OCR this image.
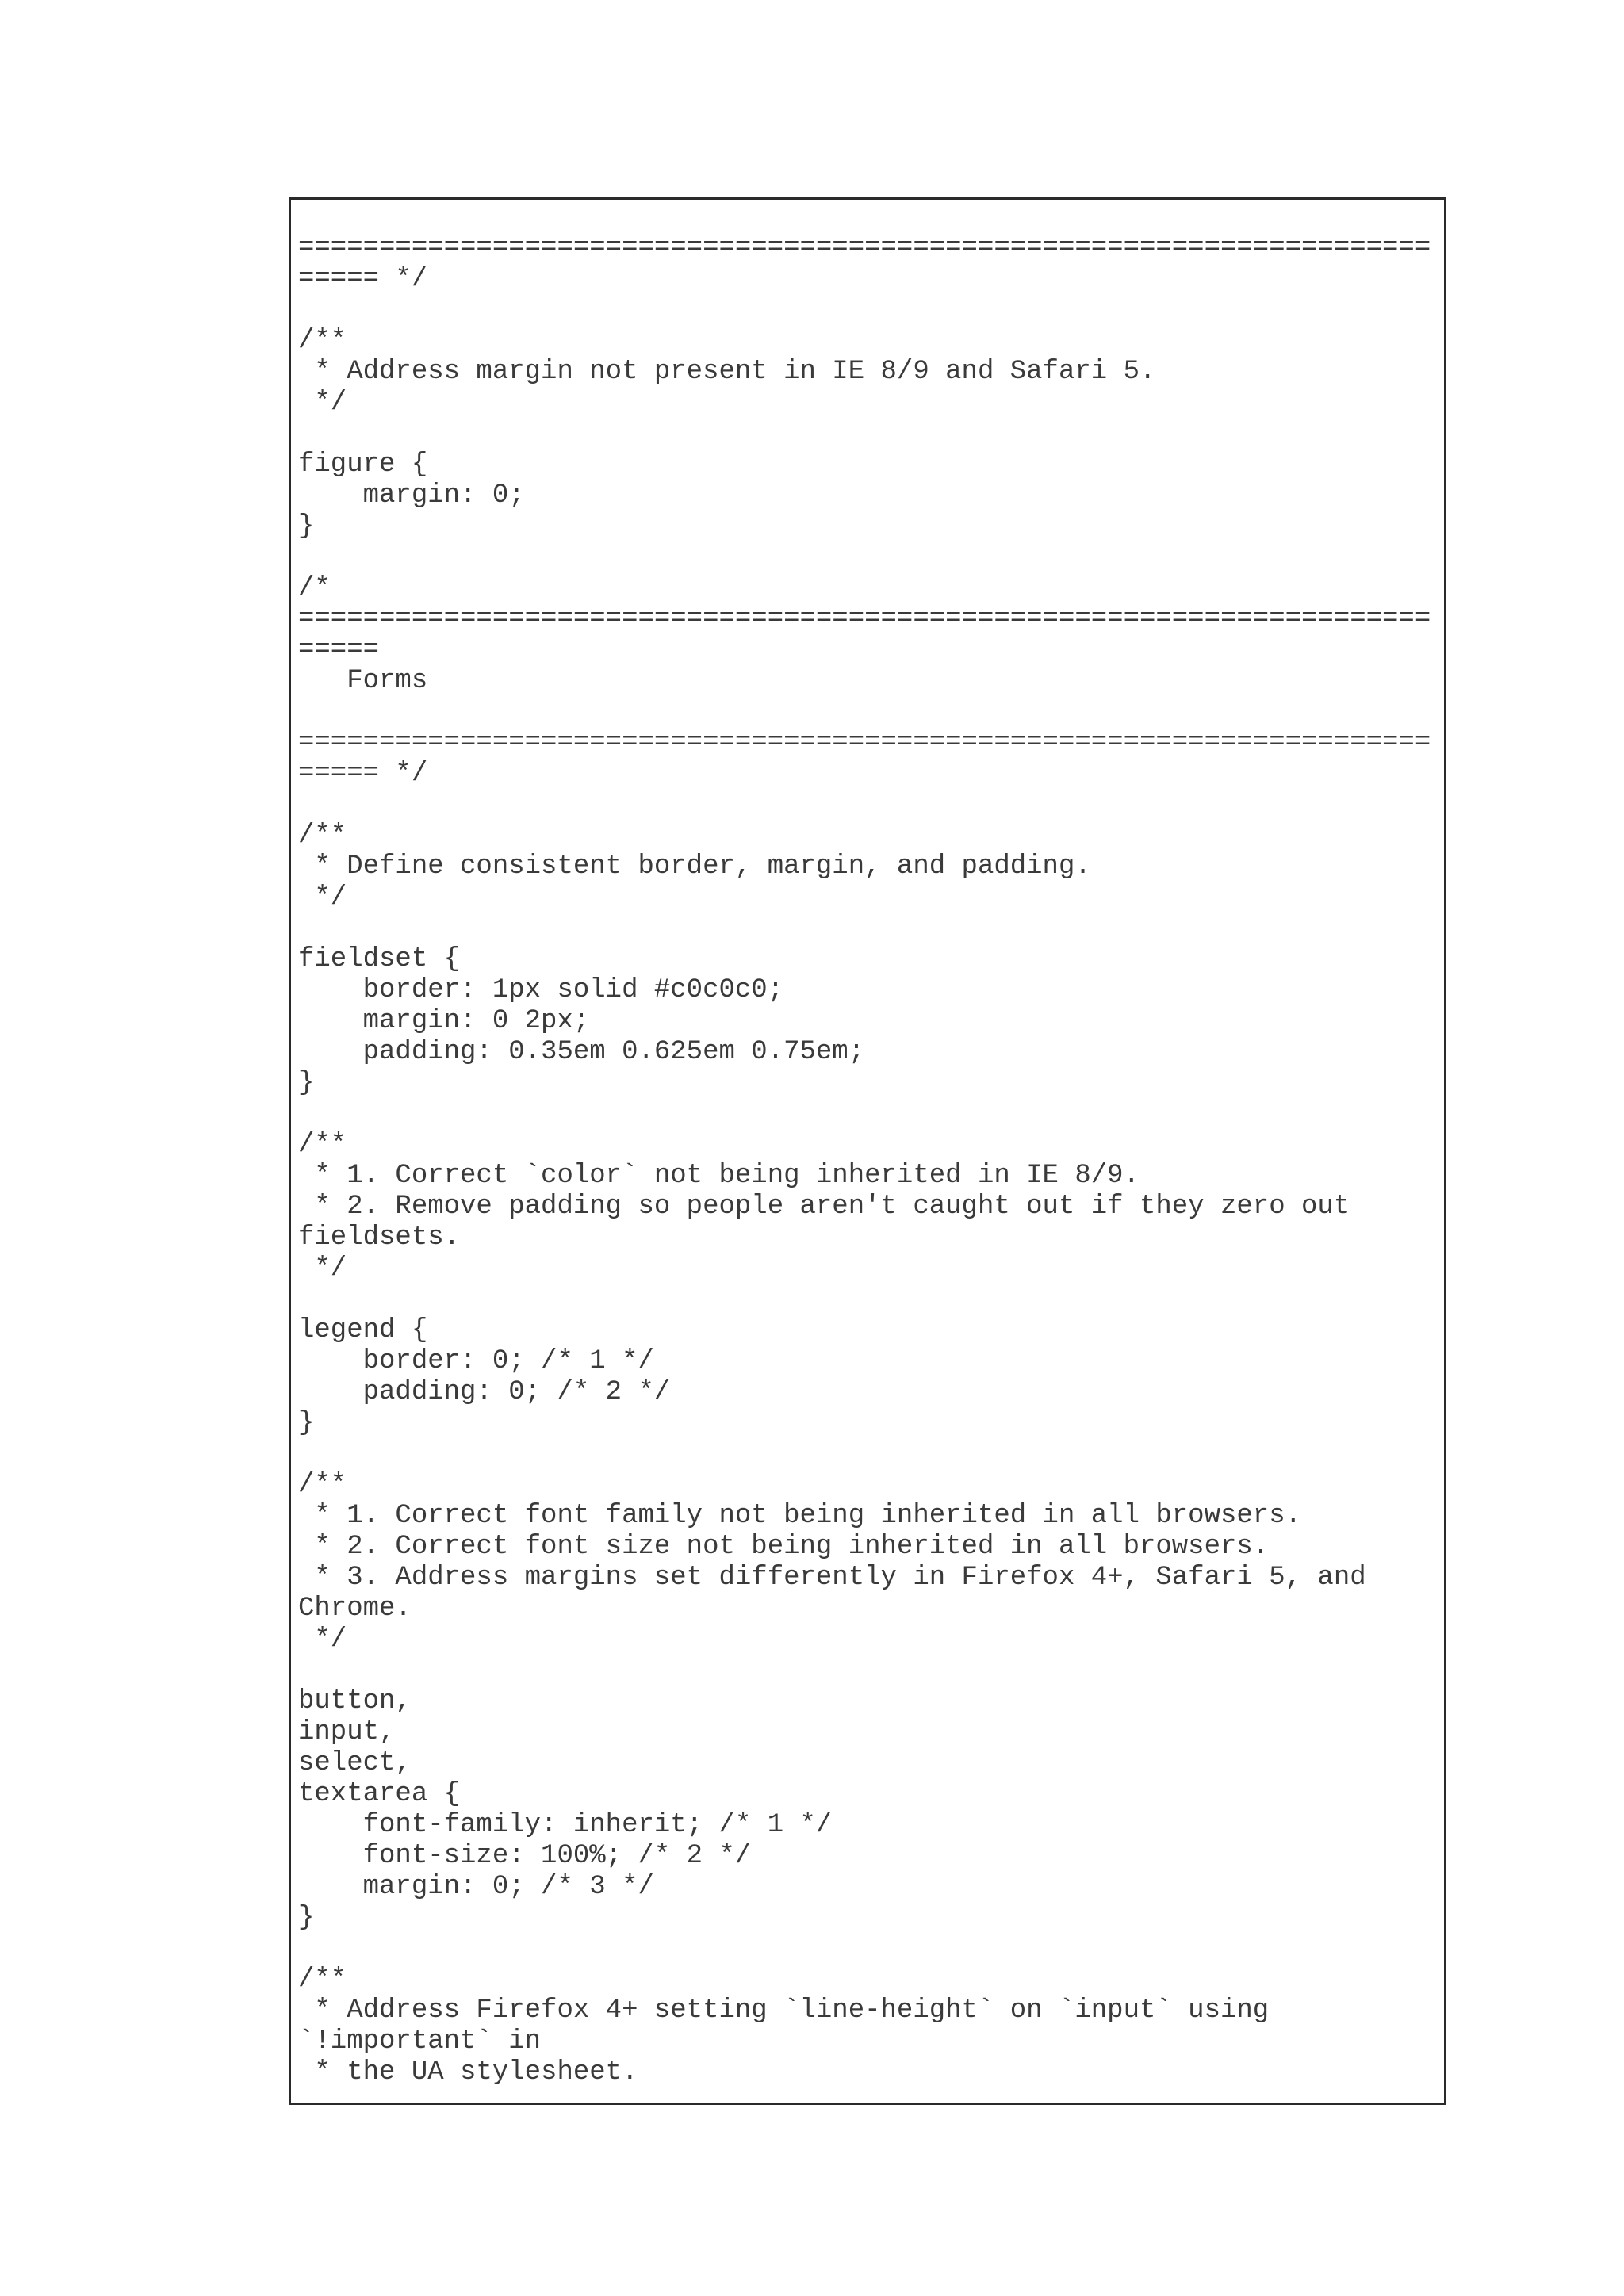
======================================================================
===== */
/**
* Address margin not present in IE 8/9 and Safari 5.
*/
figure {
margin: 0;
}
/*
======================================================================
=====
Forms
======================================================================
===== */
/**
* Define consistent border, margin, and padding.
*/
fieldset {
border: 1px solid #c0c0c0;
margin: 0 2px;
padding: 0.35em 0.625em 0.75em;
}
/**
* 1. Correct `color` not being inherited in IE 8/9.
* 2. Remove padding so people aren't caught out if they zero out
fieldsets.
*/
legend {
border: 0; /* 1 */
padding: 0; /* 2 */
}
/**
* 1. Correct font family not being inherited in all browsers.
* 2. Correct font size not being inherited in all browsers.
* 3. Address margins set differently in Firefox 4+, Safari 5, and
Chrome.
*/
button,
input,
select,
textarea {
font-family: inherit; /* 1 */
font-size: 100%; /* 2 */
margin: 0; /* 3 */
}
/**
* Address Firefox 4+ setting `line-height` on `input` using
`!important` in
* the UA stylesheet.
